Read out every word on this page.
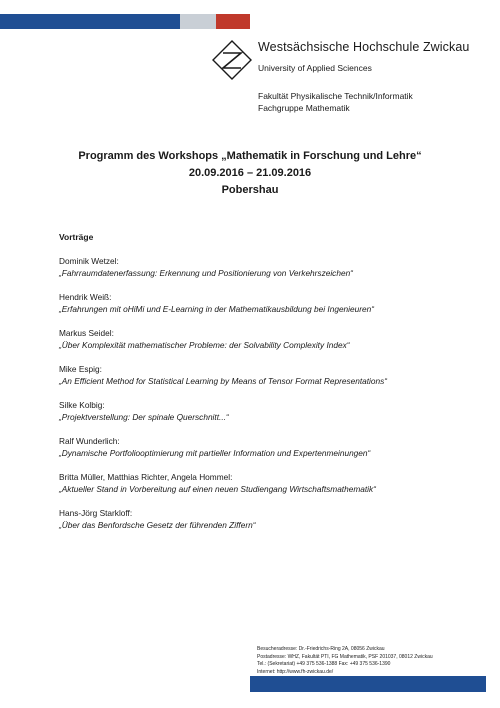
Westsächsische Hochschule Zwickau
University of Applied Sciences
Fakultät Physikalische Technik/Informatik
Fachgruppe Mathematik
Programm des Workshops „Mathematik in Forschung und Lehre“
20.09.2016 – 21.09.2016
Pobershau
Vorträge
Dominik Wetzel:
„Fahrraumdatenerfassung: Erkennung und Positionierung von Verkehrszeichen“
Hendrik Weiß:
„Erfahrungen mit oHiMi und E-Learning in der Mathematikausbildung bei Ingenieuren“
Markus Seidel:
„Über Komplexität mathematischer Probleme: der Solvability Complexity Index“
Mike Espig:
„An Efficient Method for Statistical Learning by Means of Tensor Format Representations“
Silke Kolbig:
„Projektverstellung: Der spinale Querschnitt...“
Ralf Wunderlich:
„Dynamische Portfoliooptimierung mit partieller Information und Expertenmeinungen“
Britta Müller, Matthias Richter, Angela Hommel:
„Aktueller Stand in Vorbereitung auf einen neuen Studiengang Wirtschaftsmathematik“
Hans-Jörg Starkloff:
„Über das Benfordsche Gesetz der führenden Ziffern“
Besucheradresse: Dr.-Friedrichs-Ring 2A, 08056 Zwickau
Postadresse: WHZ, Fakultät PTI, FG Mathematik, PSF 201037, 08012 Zwickau
Tel.: (Sekretariat) +49 375 536-1388 Fax: +49 375 536-1390
Internet: http://www.fh-zwickau.de/
